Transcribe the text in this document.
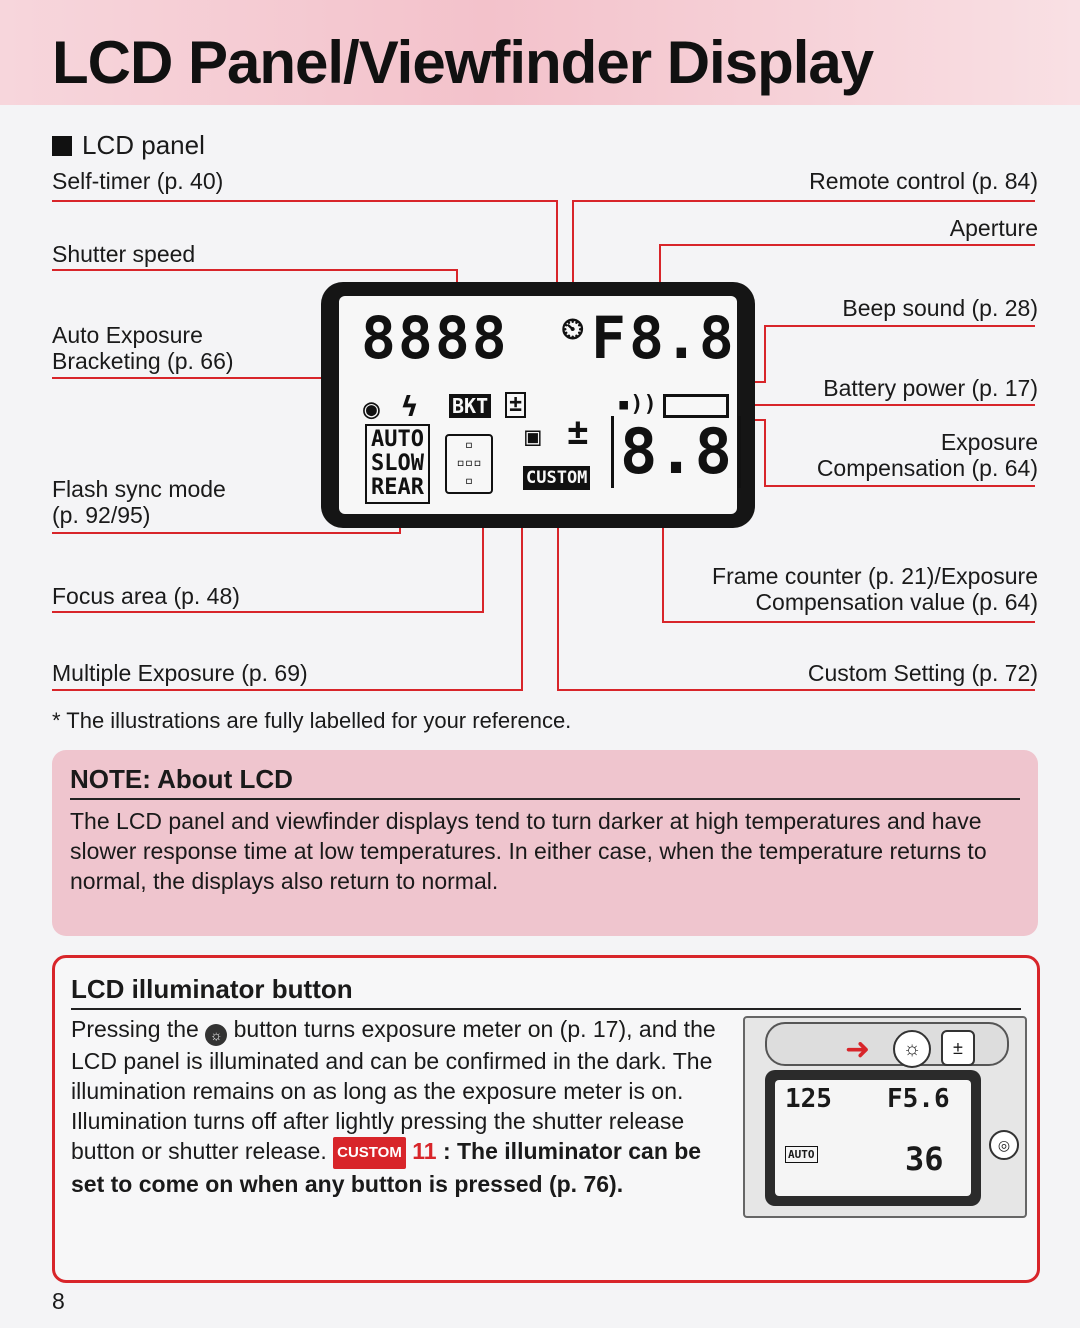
LCD Panel/Viewfinder Display
LCD panel
Self-timer (p. 40)
Shutter speed
Auto Exposure
Bracketing (p. 66)
Flash sync mode
(p. 92/95)
Focus area (p. 48)
Multiple Exposure (p. 69)
Remote control (p. 84)
Aperture
Beep sound (p. 28)
Battery power (p. 17)
Exposure
Compensation (p. 64)
Frame counter (p. 21)/Exposure
Compensation value (p. 64)
Custom Setting (p. 72)
8888 ⏲ F 8.8
◉ ϟ BKT ±	▪))
AUTO
SLOW
REAR
▫
▫▫▫
▫
▣ ±
CUSTOM 8.8
* The illustrations are fully labelled for your reference.
NOTE: About LCD
The LCD panel and viewfinder displays tend to turn darker at high temperatures and have slower response time at low temperatures. In either case, when the temperature returns to normal, the displays also return to normal.
LCD illuminator button
Pressing the ☼ button turns exposure meter on (p. 17), and the LCD panel is illuminated and can be confirmed in the dark. The illumination remains on as long as the exposure meter is on. Illumination turns off after lightly pressing the shutter release button or shutter release. CUSTOM 11 : The illuminator can be set to come on when any button is pressed (p. 76).
➜	☼	±
125 F5.6
AUTO	36	◎
8
